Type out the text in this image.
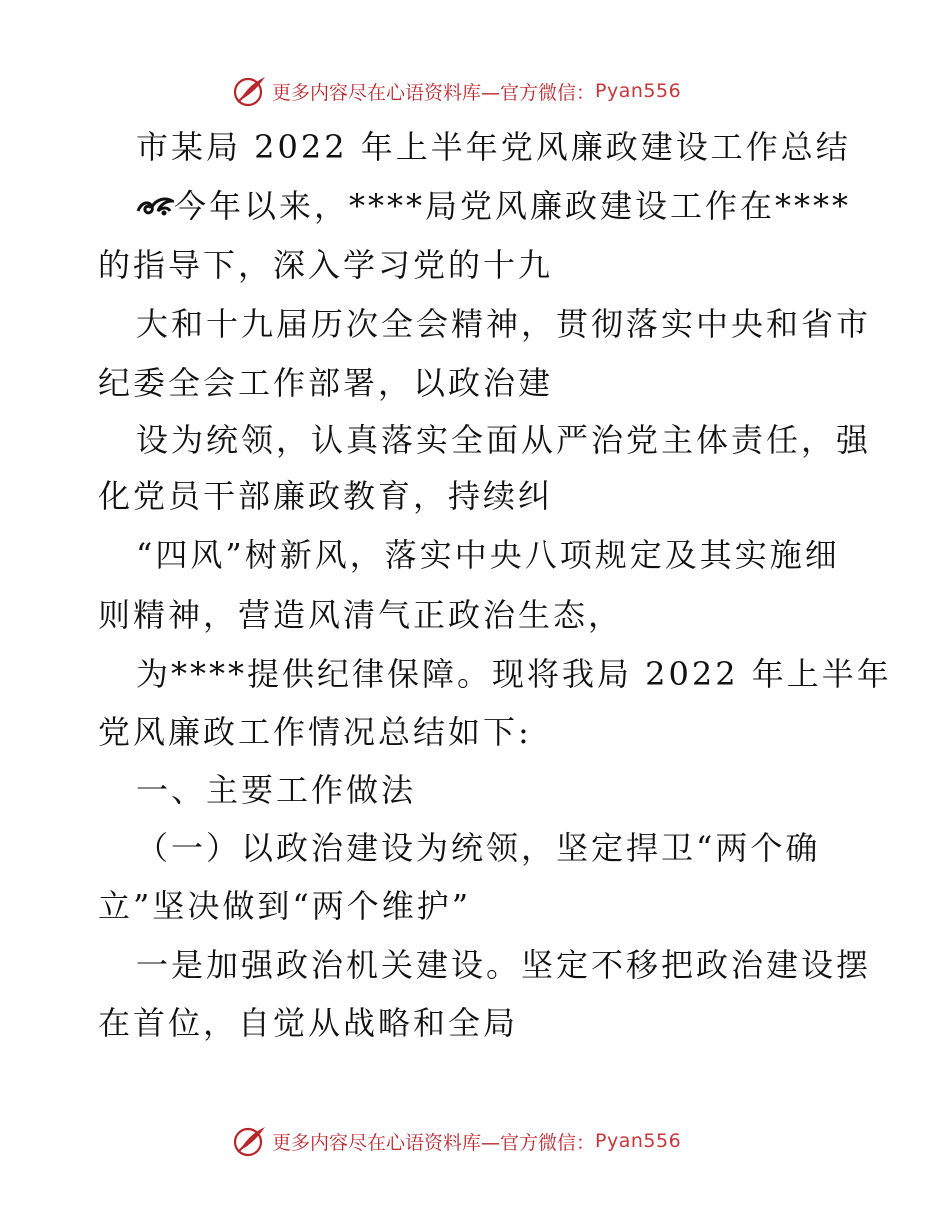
更多内容尽在心语资料库—官方微信： Pyan556
市某局 2022 年上半年党风廉政建设工作总结
今年以来，****局党风廉政建设工作在****
的指导下，深入学习党的十九
大和十九届历次全会精神，贯彻落实中央和省市
纪委全会工作部署，以政治建
设为统领，认真落实全面从严治党主体责任，强
化党员干部廉政教育，持续纠
“四风”树新风，落实中央八项规定及其实施细
则精神，营造风清气正政治生态，
为****提供纪律保障。现将我局 2022 年上半年
党风廉政工作情况总结如下:
一、主要工作做法
（一）以政治建设为统领，坚定捍卫“两个确
立”坚决做到“两个维护”
一是加强政治机关建设。坚定不移把政治建设摆
在首位，自觉从战略和全局
更多内容尽在心语资料库—官方微信： Pyan556
